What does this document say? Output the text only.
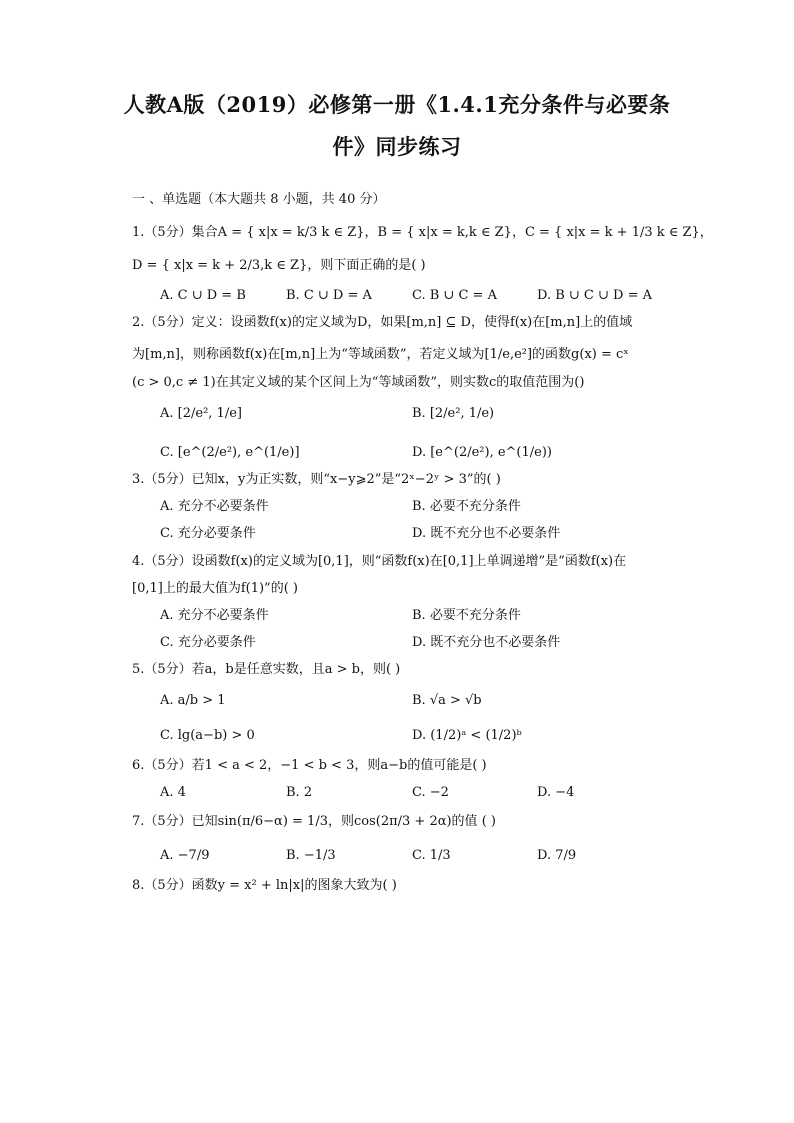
人教A版（2019）必修第一册《1.4.1充分条件与必要条
件》同步练习
一 、单选题（本大题共 8 小题，共 40 分）
1.（5分）集合A = { x|x = k/3 k ∈ Z}，B = { x|x = k,k ∈ Z}，C = { x|x = k + 1/3 k ∈ Z}，
D = { x|x = k + 2/3,k ∈ Z}，则下面正确的是( )
A. C ∪ D = B	B. C ∪ D = A	C. B ∪ C = A	D. B ∪ C ∪ D = A
2.（5分）定义：设函数f(x)的定义域为D，如果[m,n] ⊆ D，使得f(x)在[m,n]上的值域
为[m,n]，则称函数f(x)在[m,n]上为“等域函数”，若定义域为[1/e,e²]的函数g(x) = cˣ
(c > 0,c ≠ 1)在其定义域的某个区间上为“等域函数”，则实数c的取值范围为()
A. [2/e², 1/e]	B. [2/e², 1/e)
C. [e^(2/e²), e^(1/e)]	D. [e^(2/e²), e^(1/e))
3.（5分）已知x，y为正实数，则“x−y⩾2”是“2ˣ−2ʸ > 3”的( )
A. 充分不必要条件	B. 必要不充分条件
C. 充分必要条件	D. 既不充分也不必要条件
4.（5分）设函数f(x)的定义域为[0,1]，则“函数f(x)在[0,1]上单调递增”是“函数f(x)在
[0,1]上的最大值为f(1)”的( )
A. 充分不必要条件	B. 必要不充分条件
C. 充分必要条件	D. 既不充分也不必要条件
5.（5分）若a，b是任意实数，且a > b，则( )
A. a/b > 1	B. √a > √b
C. lg(a−b) > 0	D. (1/2)ᵃ < (1/2)ᵇ
6.（5分）若1 < a < 2，−1 < b < 3，则a−b的值可能是( )
A. 4	B. 2	C. −2	D. −4
7.（5分）已知sin(π/6−α) = 1/3，则cos(2π/3 + 2α)的值 ( )
A. −7/9	B. −1/3	C. 1/3	D. 7/9
8.（5分）函数y = x² + ln|x|的图象大致为( )
